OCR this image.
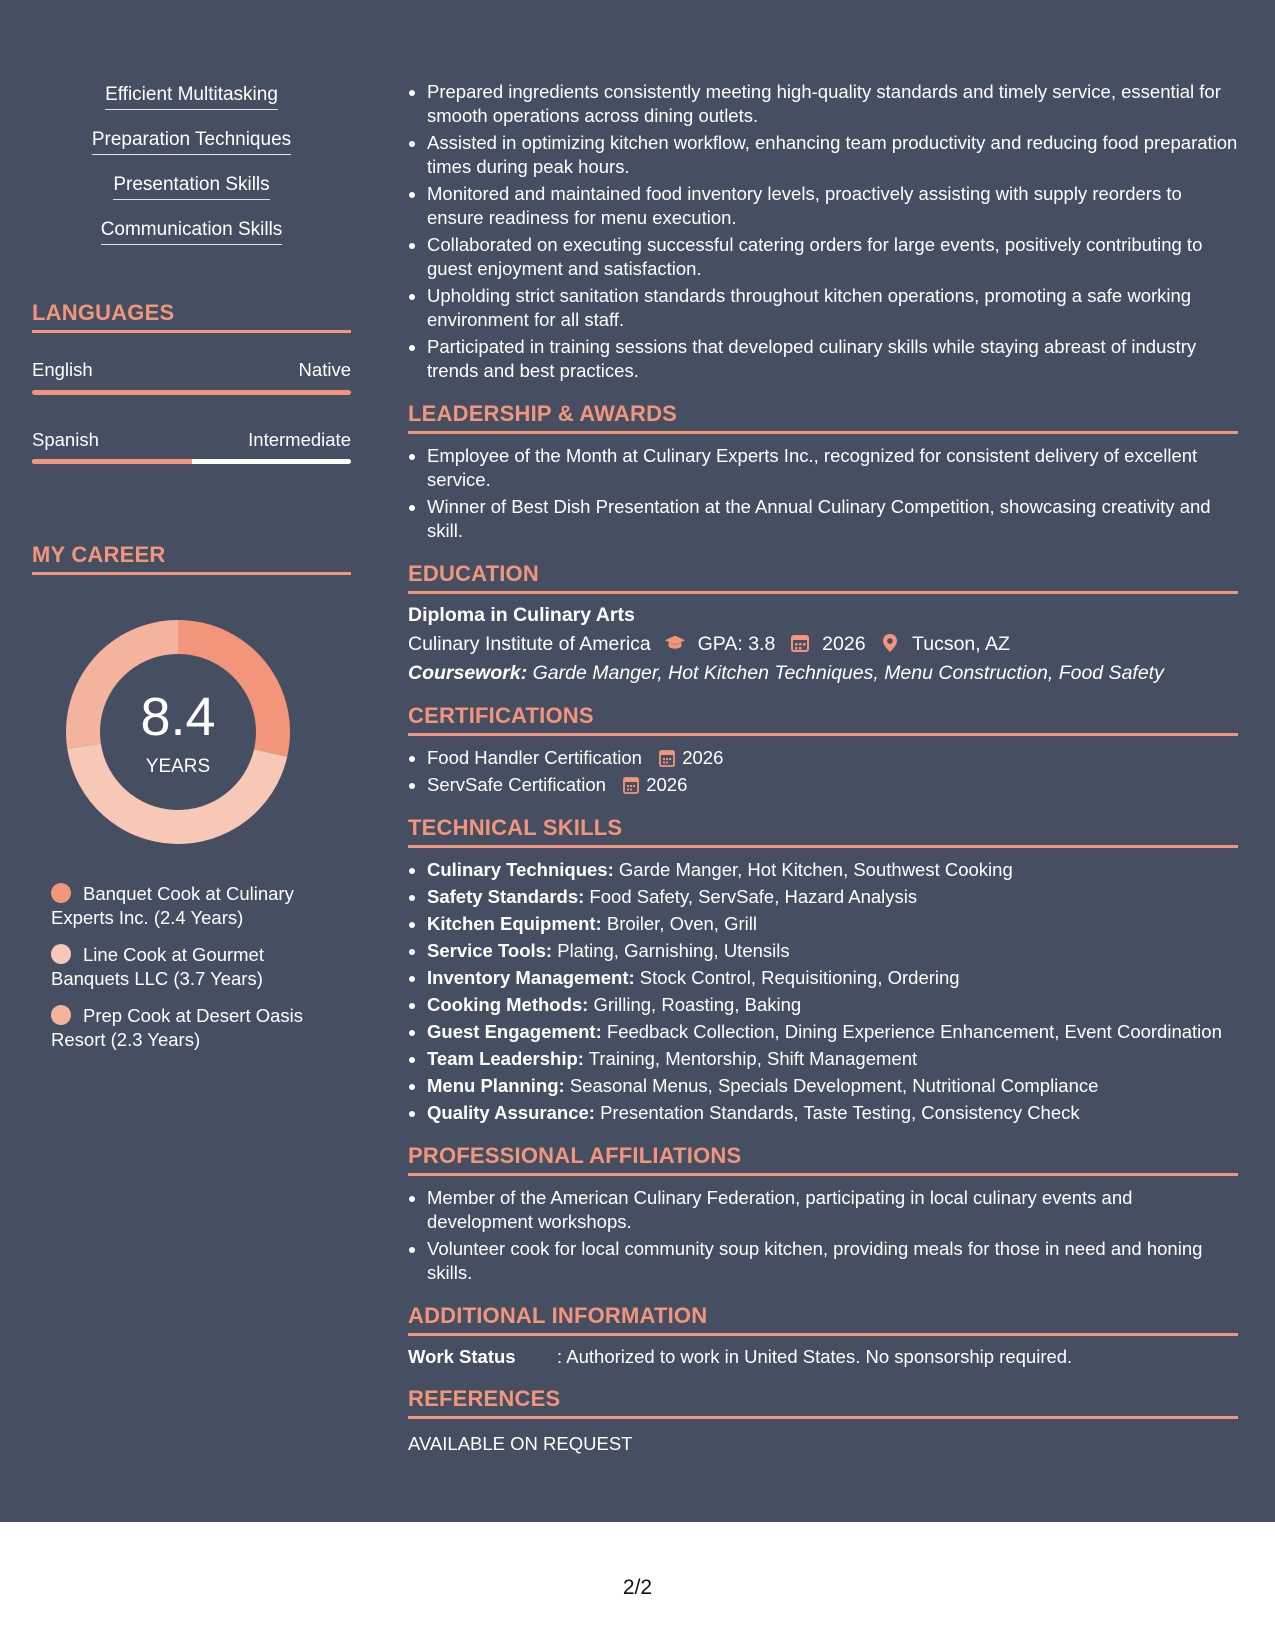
Efficient Multitasking
Preparation Techniques
Presentation Skills
Communication Skills
LANGUAGES
English	Native
Spanish	Intermediate
MY CAREER
8.4
YEARS
Banquet Cook at Culinary Experts Inc. (2.4 Years)
Line Cook at Gourmet Banquets LLC (3.7 Years)
Prep Cook at Desert Oasis Resort (2.3 Years)
• Prepared ingredients consistently meeting high-quality standards and timely service, essential for smooth operations across dining outlets.
• Assisted in optimizing kitchen workflow, enhancing team productivity and reducing food preparation times during peak hours.
• Monitored and maintained food inventory levels, proactively assisting with supply reorders to ensure readiness for menu execution.
• Collaborated on executing successful catering orders for large events, positively contributing to guest enjoyment and satisfaction.
• Upholding strict sanitation standards throughout kitchen operations, promoting a safe working environment for all staff.
• Participated in training sessions that developed culinary skills while staying abreast of industry trends and best practices.
LEADERSHIP & AWARDS
• Employee of the Month at Culinary Experts Inc., recognized for consistent delivery of excellent service.
• Winner of Best Dish Presentation at the Annual Culinary Competition, showcasing creativity and skill.
EDUCATION
Diploma in Culinary Arts
Culinary Institute of America GPA: 3.8 2026 Tucson, AZ
Coursework: Garde Manger, Hot Kitchen Techniques, Menu Construction, Food Safety
CERTIFICATIONS
• Food Handler Certification 2026
• ServSafe Certification 2026
TECHNICAL SKILLS
• Culinary Techniques: Garde Manger, Hot Kitchen, Southwest Cooking
• Safety Standards: Food Safety, ServSafe, Hazard Analysis
• Kitchen Equipment: Broiler, Oven, Grill
• Service Tools: Plating, Garnishing, Utensils
• Inventory Management: Stock Control, Requisitioning, Ordering
• Cooking Methods: Grilling, Roasting, Baking
• Guest Engagement: Feedback Collection, Dining Experience Enhancement, Event Coordination
• Team Leadership: Training, Mentorship, Shift Management
• Menu Planning: Seasonal Menus, Specials Development, Nutritional Compliance
• Quality Assurance: Presentation Standards, Taste Testing, Consistency Check
PROFESSIONAL AFFILIATIONS
• Member of the American Culinary Federation, participating in local culinary events and development workshops.
• Volunteer cook for local community soup kitchen, providing meals for those in need and honing skills.
ADDITIONAL INFORMATION
Work Status : Authorized to work in United States. No sponsorship required.
REFERENCES
AVAILABLE ON REQUEST
2/2
